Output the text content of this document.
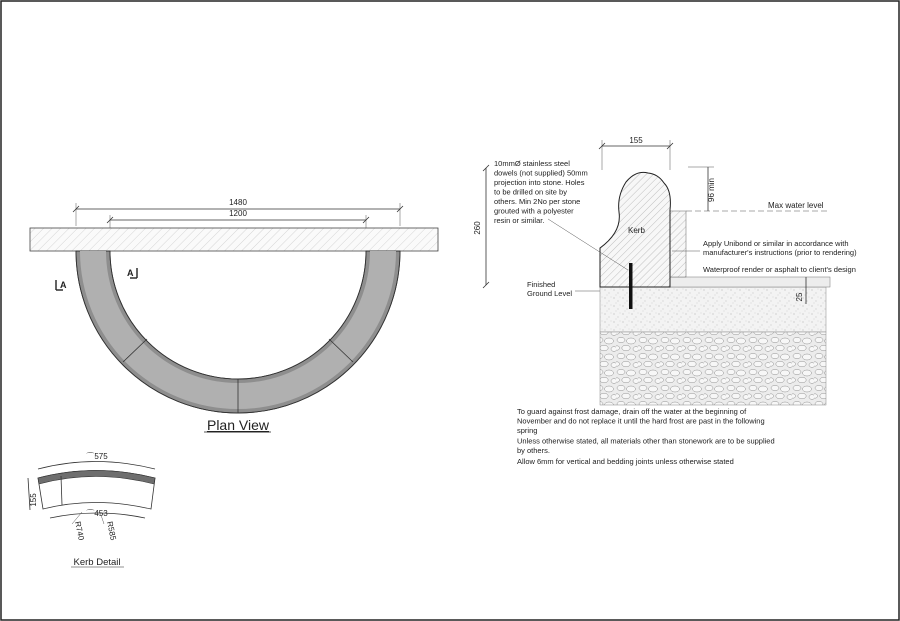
1480
1200
A
A
Plan View
⌒575
⌒453
155
R740 R585
Kerb Detail
Kerb
155
260
96 min
Max water level
25
10mmØ stainless steel dowels (not supplied) 50mm projection into stone. Holes to be drilled on site by others. Min 2No per stone grouted with a polyester resin or similar.
Finished Ground Level
Apply Unibond or similar in accordance with manufacturer's instructions (prior to rendering)
Waterproof render or asphalt to client's design
To guard against frost damage, drain off the water at the beginning of November and do not replace it until the hard frost are past in the following spring Unless otherwise stated, all materials other than stonework are to be supplied by others. Allow 6mm for vertical and bedding joints unless otherwise stated
